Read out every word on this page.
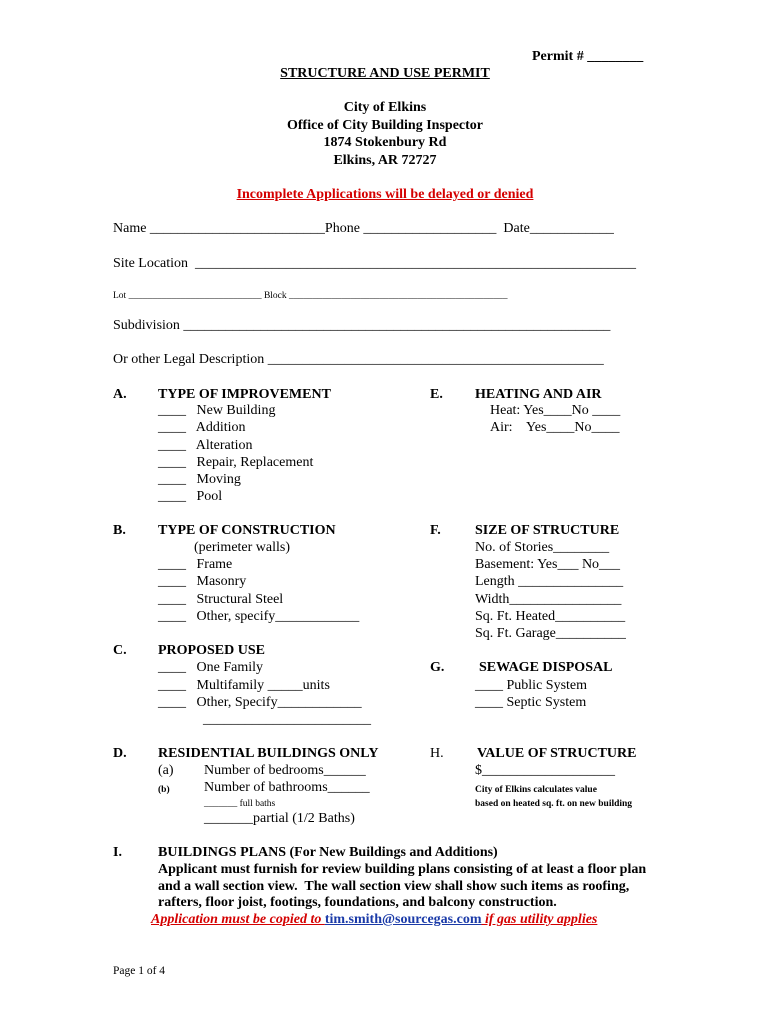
Permit # ________
STRUCTURE AND USE PERMIT
City of Elkins
Office of City Building Inspector
1874 Stokenbury Rd
Elkins, AR 72727
Incomplete Applications will be delayed or denied
Name _________________________Phone ___________________  Date____________
Site Location  _______________________________________________________________
Lot ____________________________ Block ______________________________________________
Subdivision _____________________________________________________________
Or other Legal Description ________________________________________________
A. TYPE OF IMPROVEMENT
____   New Building
____   Addition
____   Alteration
____   Repair, Replacement
____   Moving
____   Pool
E. HEATING AND AIR
Heat: Yes____No ____
Air:    Yes____No____
B. TYPE OF CONSTRUCTION
(perimeter walls)
____   Frame
____   Masonry
____   Structural Steel
____   Other, specify____________
F. SIZE OF STRUCTURE
No. of Stories________
Basement: Yes___ No___
Length _______________
Width________________
Sq. Ft. Heated__________
Sq. Ft. Garage__________
C. PROPOSED USE
____   One Family
____   Multifamily _____units
____   Other, Specify____________
________________________
G. SEWAGE DISPOSAL
____ Public System
____ Septic System
D. RESIDENTIAL BUILDINGS ONLY
(a) Number of bedrooms______
(b) Number of bathrooms______
_______ full baths
_______partial (1/2 Baths)
H. VALUE OF STRUCTURE
$___________________
City of Elkins calculates value
based on heated sq. ft. on new building
I.	BUILDINGS PLANS (For New Buildings and Additions)
Applicant must furnish for review building plans consisting of at least a floor plan
and a wall section view.  The wall section view shall show such items as roofing,
rafters, floor joist, footings, foundations, and balcony construction.
Application must be copied to tim.smith@sourcegas.com if gas utility applies
Page 1 of 4
